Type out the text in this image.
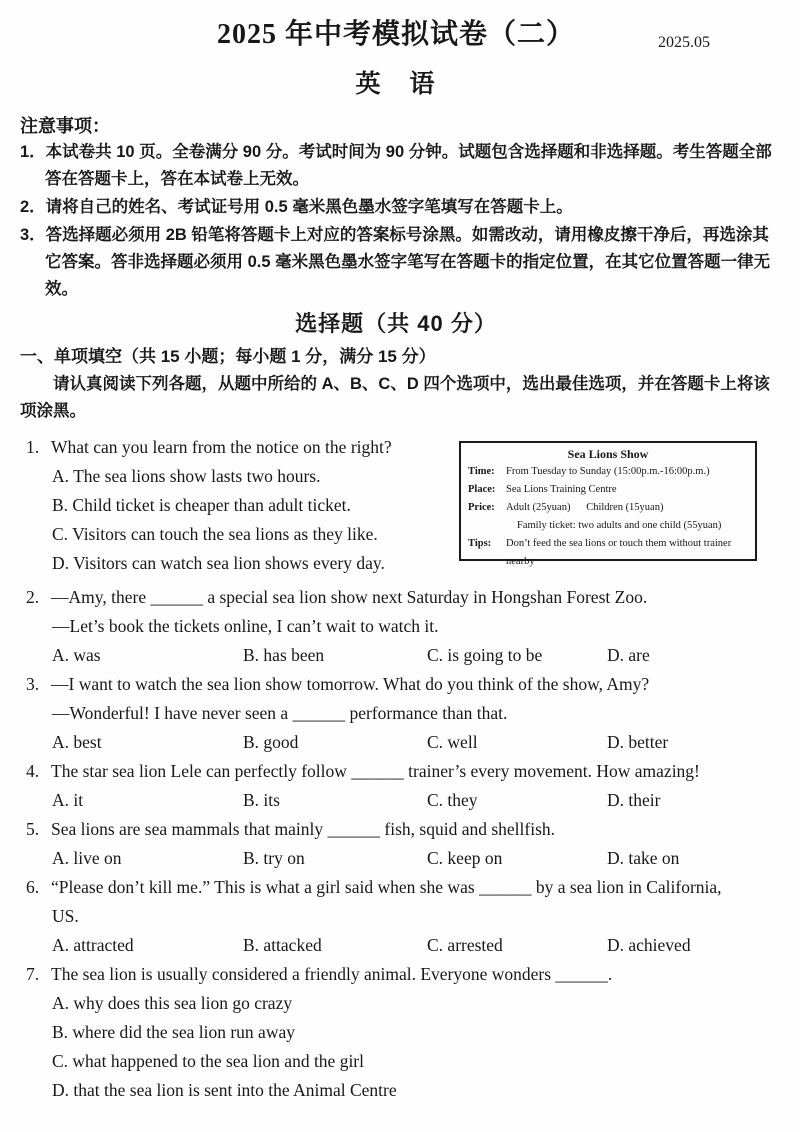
2025 年中考模拟试卷（二）	2025.05
英　语
注意事项：
1．本试卷共 10 页。全卷满分 90 分。考试时间为 90 分钟。试题包含选择题和非选择题。考生答题全部答在答题卡上，答在本试卷上无效。
2．请将自己的姓名、考试证号用 0.5 毫米黑色墨水签字笔填写在答题卡上。
3．答选择题必须用 2B 铅笔将答题卡上对应的答案标号涂黑。如需改动，请用橡皮擦干净后，再选涂其它答案。答非选择题必须用 0.5 毫米黑色墨水签字笔写在答题卡的指定位置，在其它位置答题一律无效。
选择题（共 40 分）
一、单项填空（共 15 小题；每小题 1 分，满分 15 分）
请认真阅读下列各题，从题中所给的 A、B、C、D 四个选项中，选出最佳选项，并在答题卡上将该项涂黑。
1. What can you learn from the notice on the right?
A. The sea lions show lasts two hours.
B. Child ticket is cheaper than adult ticket.
C. Visitors can touch the sea lions as they like.
D. Visitors can watch sea lion shows every day.
Sea Lions Show
Time:	From Tuesday to Sunday (15:00p.m.-16:00p.m.)
Place:	Sea Lions Training Centre
Price:	Adult (25yuan)      Children (15yuan)
Family ticket: two adults and one child (55yuan)
Tips:	Don’t feed the sea lions or touch them without trainer nearby
2. —Amy, there ______ a special sea lion show next Saturday in Hongshan Forest Zoo.
—Let’s book the tickets online, I can’t wait to watch it.
A. was	B. has been	C. is going to be	D. are
3. —I want to watch the sea lion show tomorrow. What do you think of the show, Amy?
—Wonderful! I have never seen a ______ performance than that.
A. best	B. good	C. well	D. better
4. The star sea lion Lele can perfectly follow ______ trainer’s every movement. How amazing!
A. it	B. its	C. they	D. their
5. Sea lions are sea mammals that mainly ______ fish, squid and shellfish.
A. live on	B. try on	C. keep on	D. take on
6. “Please don’t kill me.” This is what a girl said when she was ______ by a sea lion in California,
US.
A. attracted	B. attacked	C. arrested	D. achieved
7. The sea lion is usually considered a friendly animal. Everyone wonders ______.
A. why does this sea lion go crazy
B. where did the sea lion run away
C. what happened to the sea lion and the girl
D. that the sea lion is sent into the Animal Centre
